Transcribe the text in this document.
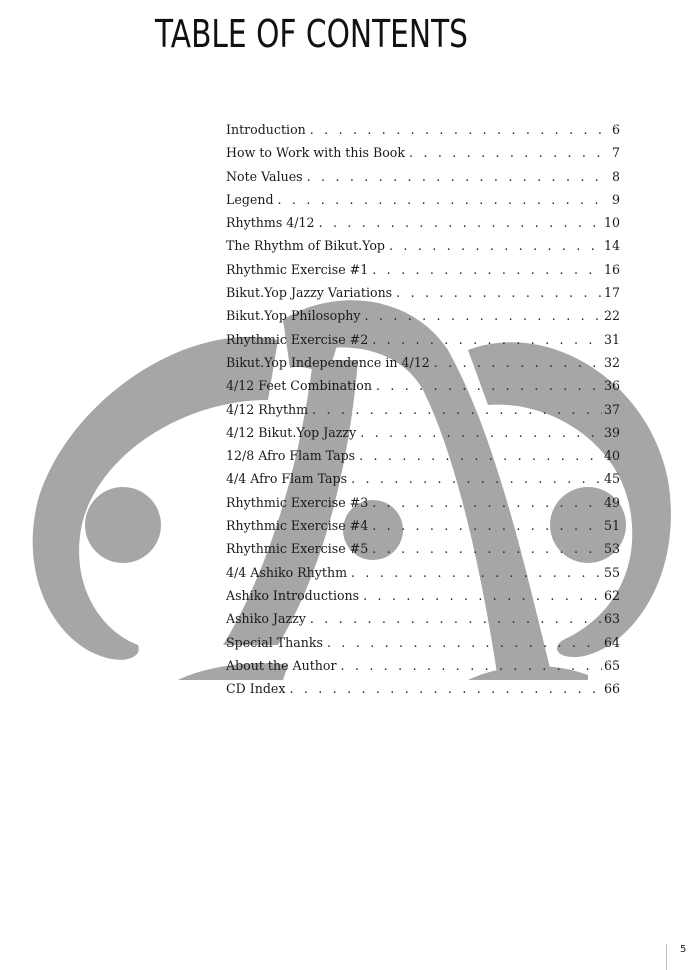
TABLE OF CONTENTS
Introduction . . .	6
How to Work with this Book . . .	7
Note Values . . .	8
Legend . . .	9
Rhythms 4/12 . . .	10
The Rhythm of Bikut.Yop . . .	14
Rhythmic Exercise #1 . . .	16
Bikut.Yop Jazzy Variations . . .	17
Bikut.Yop Philosophy . . .	22
Rhythmic Exercise #2 . . .	31
Bikut.Yop Independence in 4/12 . . .	32
4/12 Feet Combination . . .	36
4/12 Rhythm . . .	37
4/12 Bikut.Yop Jazzy . . .	39
12/8 Afro Flam Taps . . .	40
4/4 Afro Flam Taps . . .	45
Rhythmic Exercise #3 . . .	49
Rhythmic Exercise #4 . . .	51
Rhythmic Exercise #5 . . .	53
4/4 Ashiko Rhythm . . .	55
Ashiko Introductions . . .	62
Ashiko Jazzy . . .	63
Special Thanks . . .	64
About the Author . . .	65
CD Index . . .	66
5
